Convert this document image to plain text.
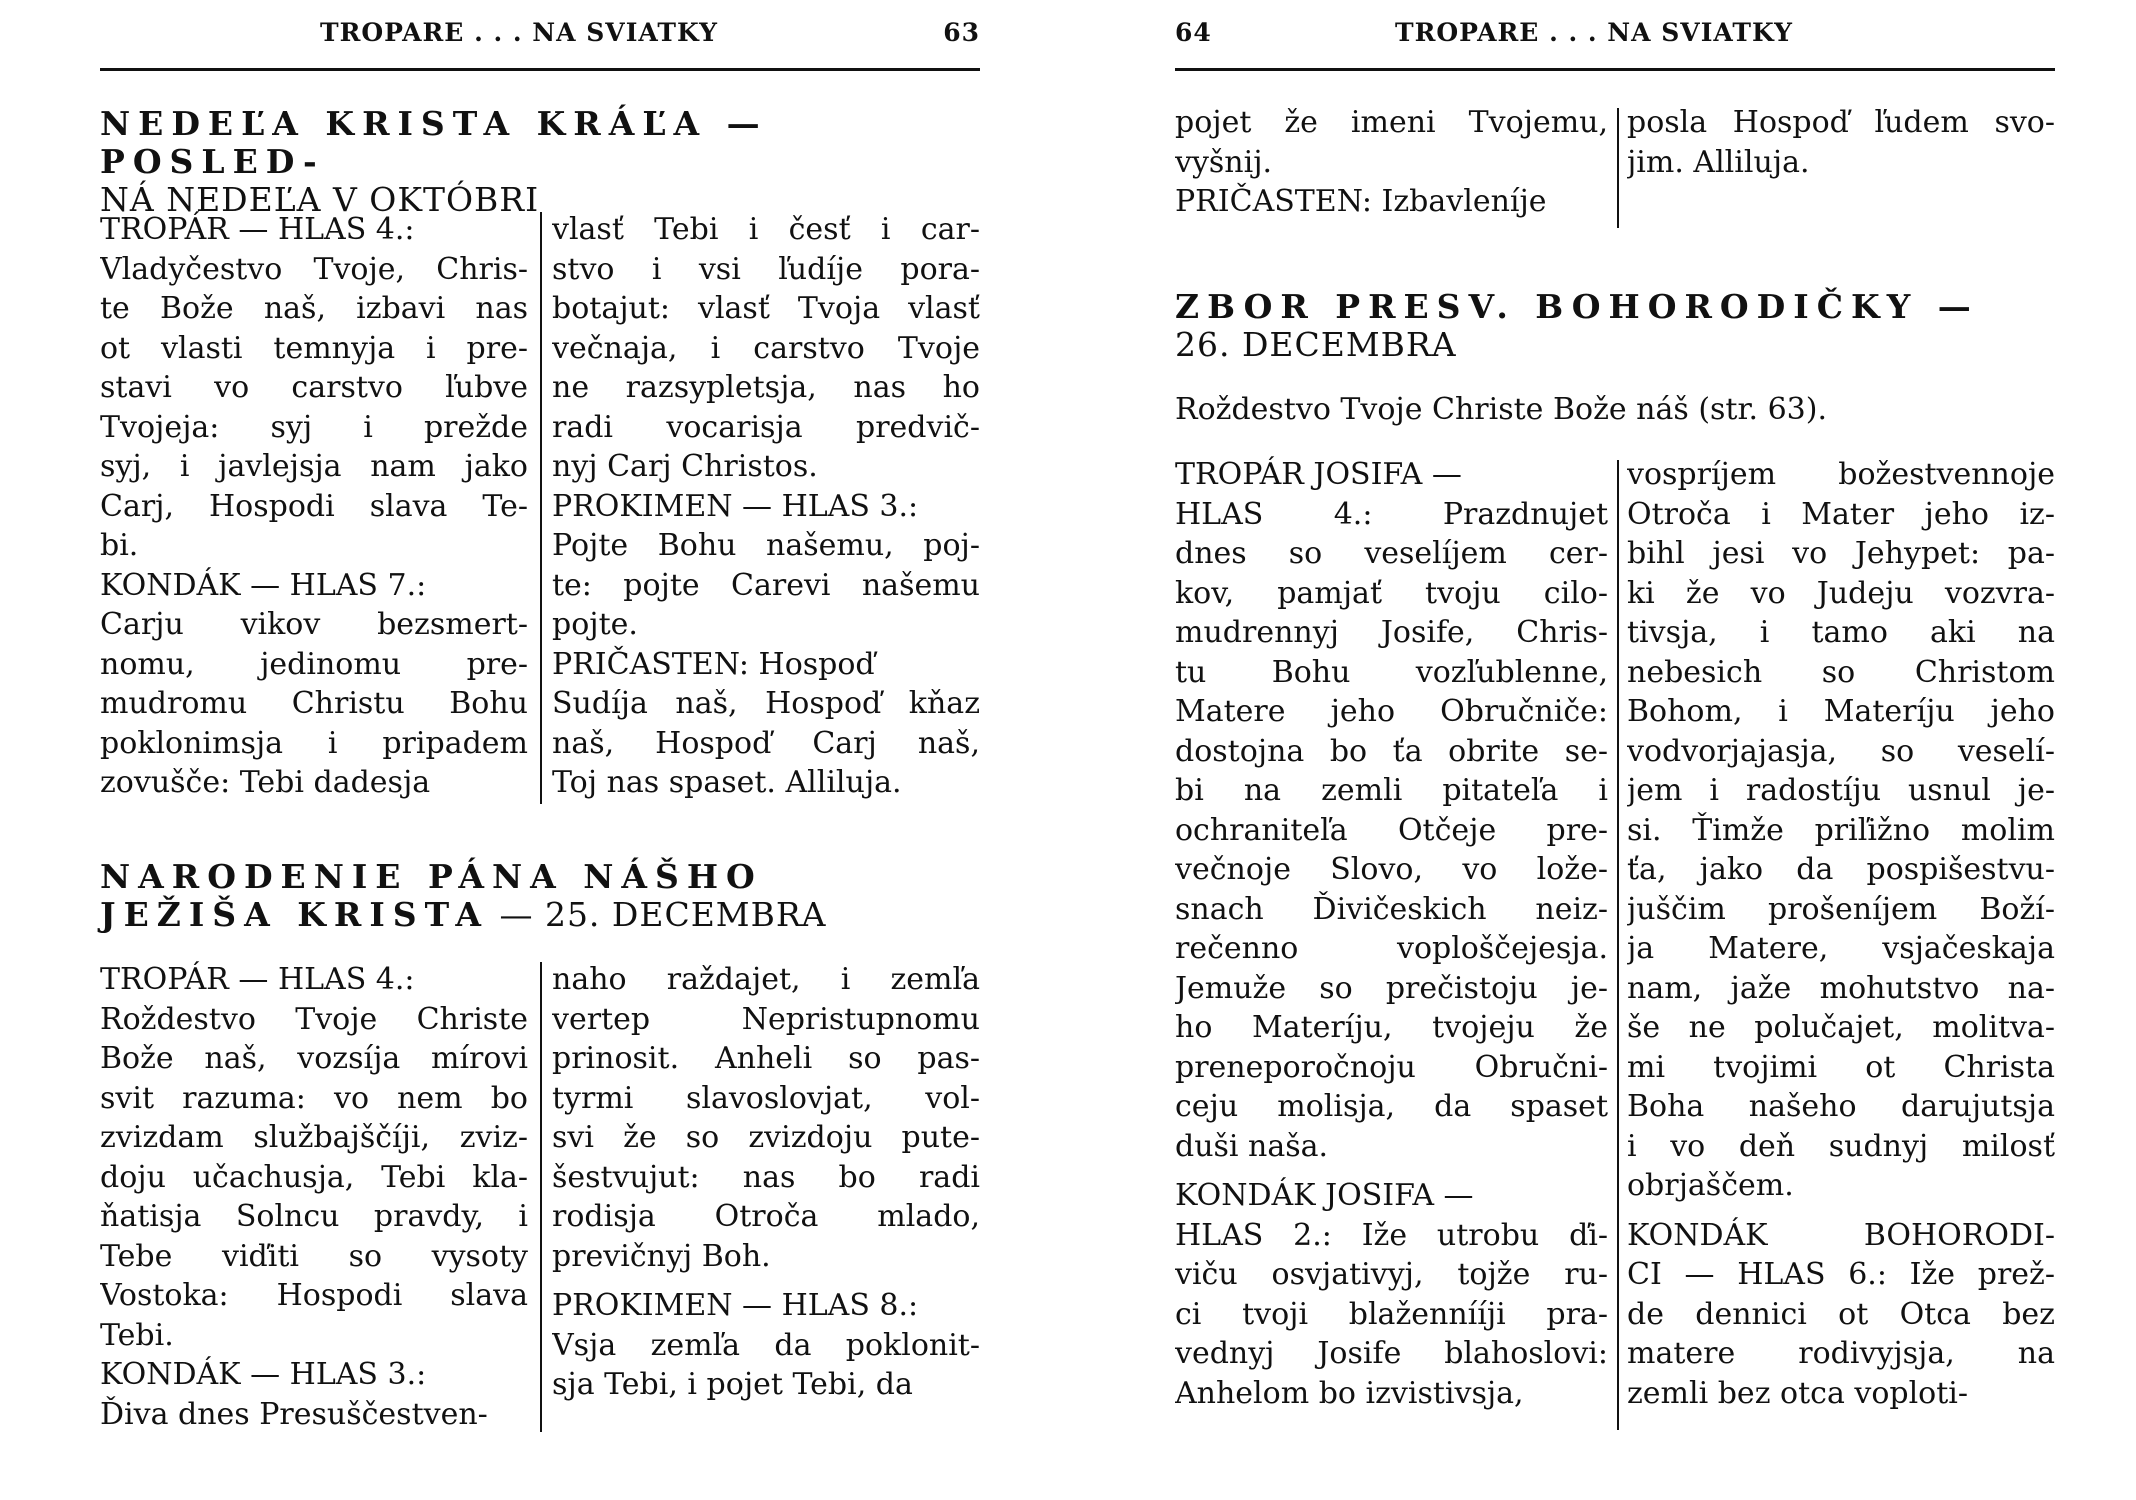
TROPARE . . . NA SVIATKY	63
NEDEĽA KRISTA KRÁĽA — POSLED-
NÁ NEDEĽA V OKTÓBRI
TROPÁR — HLAS 4.:
Vladyčestvo Tvoje, Chris-
te Bože naš, izbavi nas
ot vlasti temnyja i pre-
stavi vo carstvo ľubve
Tvojeja: syj i prežde
syj, i javlejsja nam jako
Carj, Hospodi slava Te-
bi.
KONDÁK — HLAS 7.:
Carju vikov bezsmert-
nomu, jedinomu pre-
mudromu Christu Bohu
poklonimsja i pripadem
zovušče: Tebi dadesja
vlasť Tebi i česť i car-
stvo i vsi ľudíje pora-
botajut: vlasť Tvoja vlasť
večnaja, i carstvo Tvoje
ne razsypletsja, nas ho
radi vocarisja predvič-
nyj Carj Christos.
PROKIMEN — HLAS 3.:
Pojte Bohu našemu, poj-
te: pojte Carevi našemu
pojte.
PRIČASTEN: Hospoď
Sudíja naš, Hospoď kňaz
naš, Hospoď Carj naš,
Toj nas spaset. Alliluja.
NARODENIE PÁNA NÁŠHO
JEŽIŠA KRISTA — 25. DECEMBRA
TROPÁR — HLAS 4.:
Roždestvo Tvoje Christe
Bože naš, vozsíja mírovi
svit razuma: vo nem bo
zvizdam službajščíji, zviz-
doju učachusja, Tebi kla-
ňatisja Solncu pravdy, i
Tebe viďiti so vysoty
Vostoka: Hospodi slava
Tebi.
KONDÁK — HLAS 3.:
Ďiva dnes Presuščestven-
naho raždajet, i zemľa
vertep Nepristupnomu
prinosit. Anheli so pas-
tyrmi slavoslovjat, vol-
svi že so zvizdoju pute-
šestvujut: nas bo radi
rodisja Otroča mlado,
previčnyj Boh.
PROKIMEN — HLAS 8.:
Vsja zemľa da poklonit-
sja Tebi, i pojet Tebi, da
64	TROPARE . . . NA SVIATKY
pojet že imeni Tvojemu,
vyšnij.
PRIČASTEN: Izbavleníje
posla Hospoď ľudem svo-
jim. Alliluja.
ZBOR PRESV. BOHORODIČKY —
26. DECEMBRA
Roždestvo Tvoje Christe Bože náš (str. 63).
TROPÁR JOSIFA —
HLAS 4.: Prazdnujet
dnes so veselíjem cer-
kov, pamjať tvoju cilo-
mudrennyj Josife, Chris-
tu Bohu vozľublenne,
Matere jeho Obručniče:
dostojna bo ťa obrite se-
bi na zemli pitateľa i
ochraniteľa Otčeje pre-
večnoje Slovo, vo lože-
snach Ďivičeskich neiz-
rečenno voploščejesja.
Jemuže so prečistoju je-
ho Materíju, tvojeju že
preneporočnoju Obručni-
ceju molisja, da spaset
duši naša.
KONDÁK JOSIFA —
HLAS 2.: Iže utrobu ďi-
viču osvjativyj, tojže ru-
ci tvoji blažennííji pra-
vednyj Josife blahoslovi:
Anhelom bo izvistivsja,
vospríjem božestvennoje
Otroča i Mater jeho iz-
bihl jesi vo Jehypet: pa-
ki že vo Judeju vozvra-
tivsja, i tamo aki na
nebesich so Christom
Bohom, i Materíju jeho
vodvorjajasja, so veselí-
jem i radostíju usnul je-
si. Ťimže priľižno molim
ťa, jako da pospišestvu-
juščim prošeníjem Boží-
ja Matere, vsjačeskaja
nam, jaže mohutstvo na-
še ne polučajet, molitva-
mi tvojimi ot Christa
Boha našeho darujutsja
i vo deň sudnyj milosť
obrjaščem.
KONDÁK BOHORODI-
CI — HLAS 6.: Iže prež-
de dennici ot Otca bez
matere rodivyjsja, na
zemli bez otca voploti-
